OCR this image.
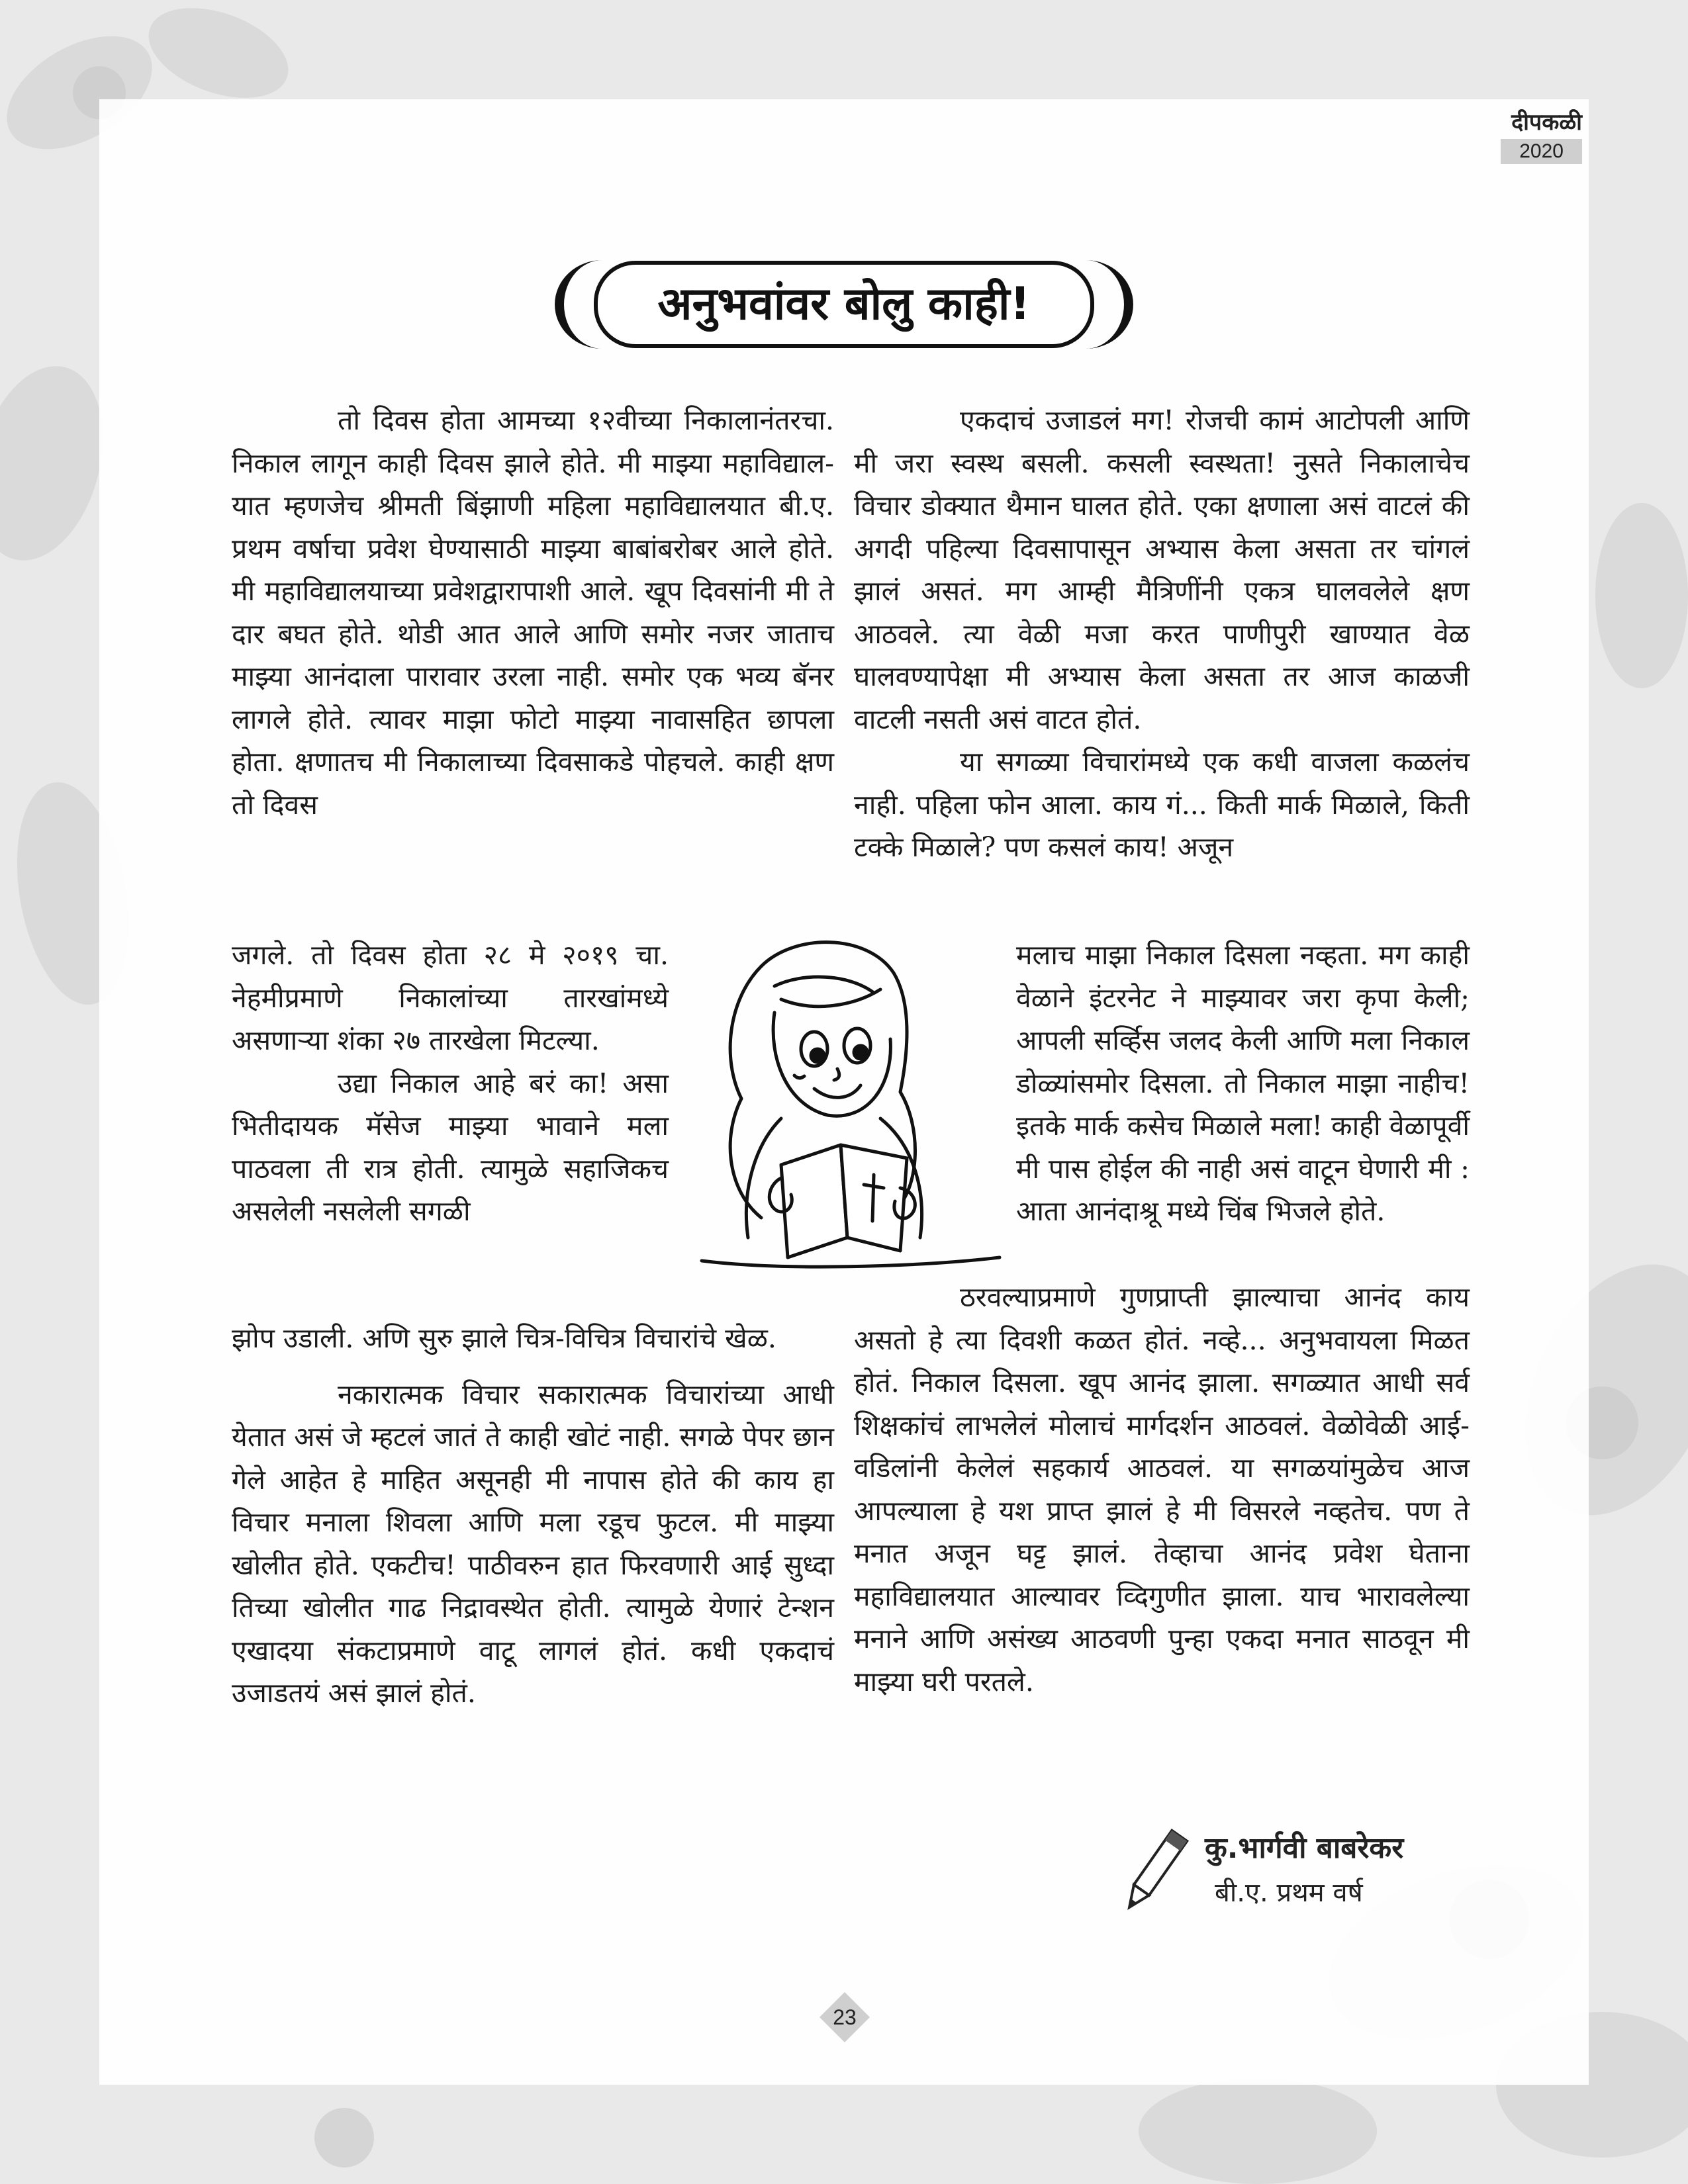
दीपकळी
2020
अनुभवांवर बोलु काही!

तो दिवस होता आमच्या १२वीच्या निकालानंतरचा. निकाल लागून काही दिवस झाले होते. मी माझ्या महाविद्याल-यात म्हणजेच श्रीमती बिंझाणी महिला महाविद्यालयात बी.ए. प्रथम वर्षाचा प्रवेश घेण्यासाठी माझ्या बाबांबरोबर आले होते. मी महाविद्यालयाच्या प्रवेशद्वारापाशी आले. खूप दिवसांनी मी ते दार बघत होते. थोडी आत आले आणि समोर नजर जाताच माझ्या आनंदाला पारावार उरला नाही. समोर एक भव्य बॅनर लागले होते. त्यावर माझा फोटो माझ्या नावासहित छापला होता. क्षणातच मी निकालाच्या दिवसाकडे पोहचले. काही क्षण तो दिवस

जगले. तो दिवस होता २८ मे २०१९ चा. नेहमीप्रमाणे निकालांच्या तारखांमध्ये असणाऱ्या शंका २७ तारखेला मिटल्या.

उद्या निकाल आहे बरं का! असा भितीदायक मॅसेज माझ्या भावाने मला पाठवला ती रात्र होती. त्यामुळे सहाजिकच असलेली नसलेली सगळी

झोप उडाली. अणि सुरु झाले चित्र-विचित्र विचारांचे खेळ.

नकारात्मक विचार सकारात्मक विचारांच्या आधी येतात असं जे म्हटलं जातं ते काही खोटं नाही. सगळे पेपर छान गेले आहेत हे माहित असूनही मी नापास होते की काय हा विचार मनाला शिवला आणि मला रडूच फुटल. मी माझ्या खोलीत होते. एकटीच! पाठीवरुन हात फिरवणारी आई सुध्दा तिच्या खोलीत गाढ निद्रावस्थेत होती. त्यामुळे येणारं टेन्शन एखादया संकटाप्रमाणे वाटू लागलं होतं. कधी एकदाचं उजाडतयं असं झालं होतं.

एकदाचं उजाडलं मग! रोजची कामं आटोपली आणि मी जरा स्वस्थ बसली. कसली स्वस्थता! नुसते निकालाचेच विचार डोक्यात थैमान घालत होते. एका क्षणाला असं वाटलं की अगदी पहिल्या दिवसापासून अभ्यास केला असता तर चांगलं झालं असतं. मग आम्ही मैत्रिणींनी एकत्र घालवलेले क्षण आठवले. त्या वेळी मजा करत पाणीपुरी खाण्यात वेळ घालवण्यापेक्षा मी अभ्यास केला असता तर आज काळजी वाटली नसती असं वाटत होतं.

या सगळ्या विचारांमध्ये एक कधी वाजला कळलंच नाही. पहिला फोन आला. काय गं... किती मार्क मिळाले, किती टक्के मिळाले? पण कसलं काय! अजून

मलाच माझा निकाल दिसला नव्हता. मग काही वेळाने इंटरनेट ने माझ्यावर जरा कृपा केली; आपली सर्व्हिस जलद केली आणि मला निकाल डोळ्यांसमोर दिसला. तो निकाल माझा नाहीच! इतके मार्क कसेच मिळाले मला! काही वेळापूर्वी मी पास होईल की नाही असं वाटून घेणारी मी : आता आनंदाश्रू मध्ये चिंब भिजले होते.

ठरवल्याप्रमाणे गुणप्राप्ती झाल्याचा आनंद काय असतो हे त्या दिवशी कळत होतं. नव्हे... अनुभवायला मिळत होतं. निकाल दिसला. खूप आनंद झाला. सगळ्यात आधी सर्व शिक्षकांचं लाभलेलं मोलाचं मार्गदर्शन आठवलं. वेळोवेळी आई-वडिलांनी केलेलं सहकार्य आठवलं. या सगळयांमुळेच आज आपल्याला हे यश प्राप्त झालं हे मी विसरले नव्हतेच. पण ते मनात अजून घट्ट झालं. तेव्हाचा आनंद प्रवेश घेताना महाविद्यालयात आल्यावर व्दिगुणीत झाला. याच भारावलेल्या मनाने आणि असंख्य आठवणी पुन्हा एकदा मनात साठवून मी माझ्या घरी परतले.

कु.भार्गवी बाबरेकर
बी.ए. प्रथम वर्ष
23
